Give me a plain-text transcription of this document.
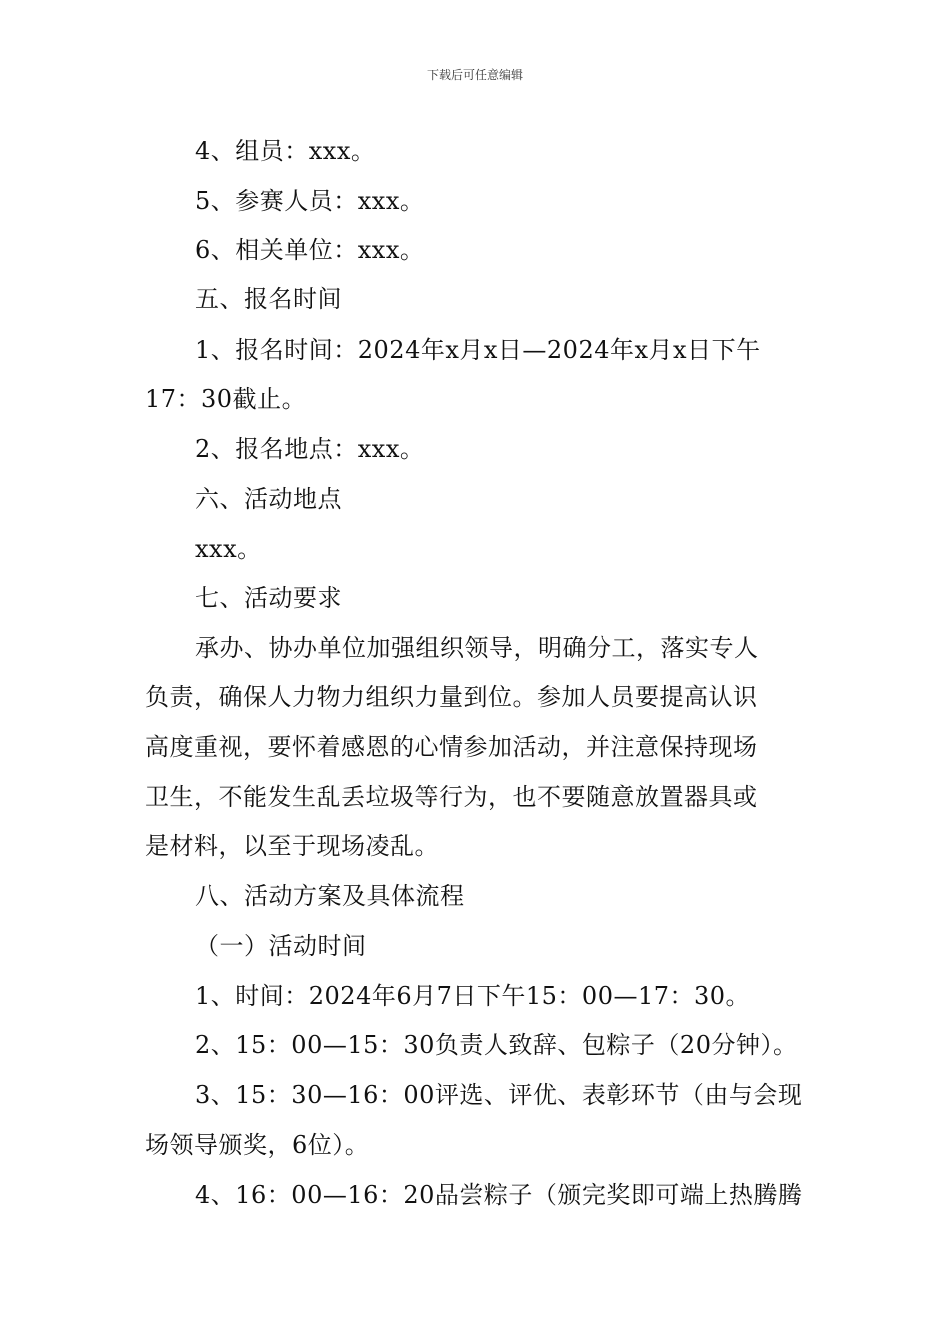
下载后可任意编辑
4、组员：xxx。
5、参赛人员：xxx。
6、相关单位：xxx。
五、报名时间
1、报名时间：2024年x月x日—2024年x月x日下午
17：30截止。
2、报名地点：xxx。
六、活动地点
xxx。
七、活动要求
承办、协办单位加强组织领导，明确分工，落实专人
负责，确保人力物力组织力量到位。参加人员要提高认识
高度重视，要怀着感恩的心情参加活动，并注意保持现场
卫生，不能发生乱丢垃圾等行为，也不要随意放置器具或
是材料，以至于现场凌乱。
八、活动方案及具体流程
（一）活动时间
1、时间：2024年6月7日下午15：00—17：30。
2、15：00—15：30负责人致辞、包粽子（20分钟）。
3、15：30—16：00评选、评优、表彰环节（由与会现
场领导颁奖，6位）。
4、16：00—16：20品尝粽子（颁完奖即可端上热腾腾
